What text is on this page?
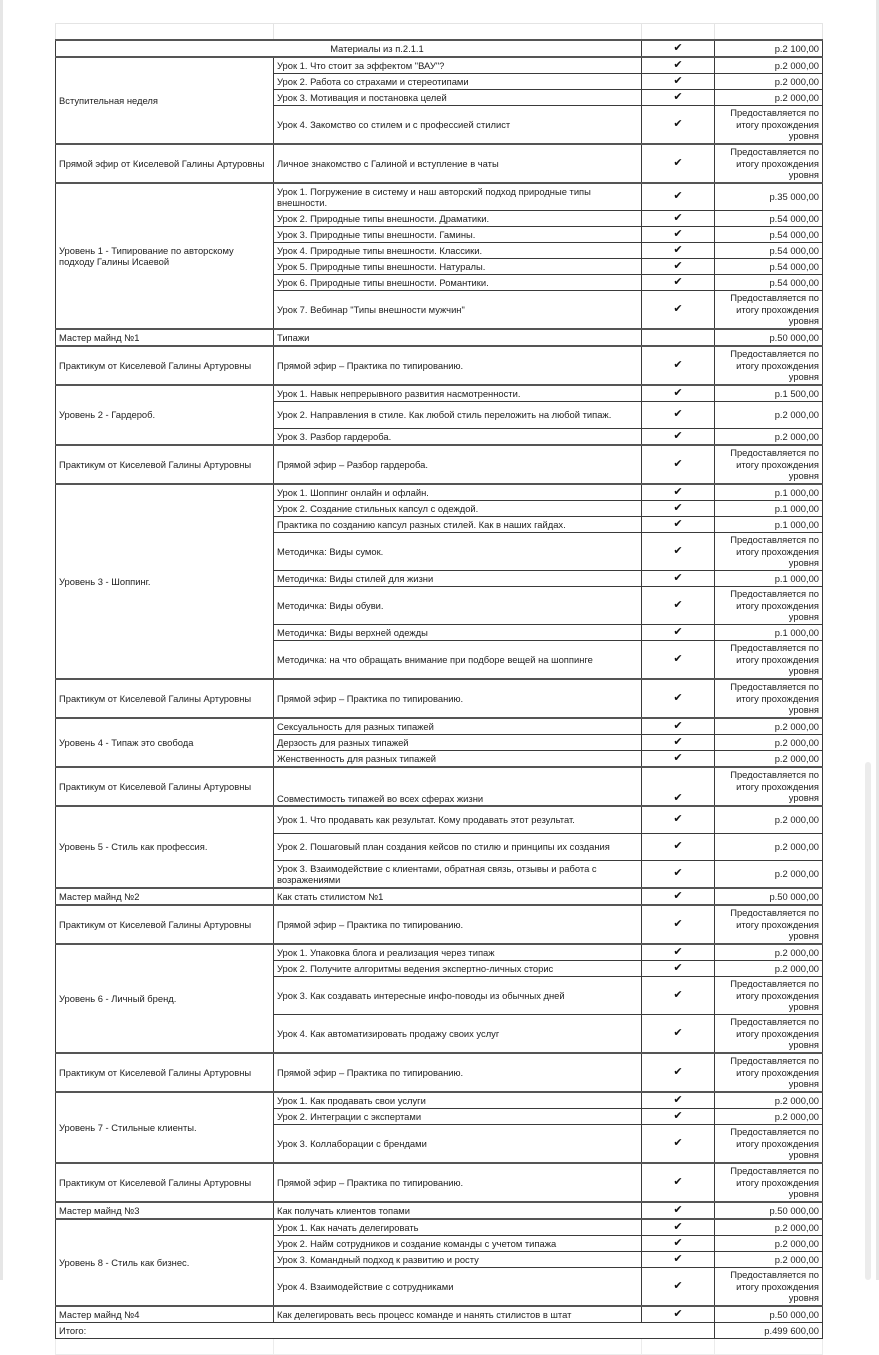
Материалы из п.2.1.1		✔	р.2 100,00
Вступительная неделя	Урок 1. Что стоит за эффектом "ВАУ"?	✔	р.2 000,00
	Урок 2. Работа со страхами и стереотипами	✔	р.2 000,00
	Урок 3. Мотивация и постановка целей	✔	р.2 000,00
	Урок 4. Закомство со стилем и с профессией стилист	✔	Предоставляется по итогу прохождения уровня
Прямой эфир от Киселевой Галины Артуровны	Личное знакомство с Галиной и вступление в чаты	✔	Предоставляется по итогу прохождения уровня
Уровень 1 - Типирование по авторскому подходу Галины Исаевой	Урок 1. Погружение в систему и наш авторский подход природные типы внешности.	✔	р.35 000,00
	Урок 2. Природные типы внешности. Драматики.	✔	р.54 000,00
	Урок 3. Природные типы внешности. Гамины.	✔	р.54 000,00
	Урок 4. Природные типы внешности. Классики.	✔	р.54 000,00
	Урок 5. Природные типы внешности. Натуралы.	✔	р.54 000,00
	Урок 6. Природные типы внешности. Романтики.	✔	р.54 000,00
	Урок 7. Вебинар "Типы внешности мужчин"	✔	Предоставляется по итогу прохождения уровня
Мастер майнд №1	Типажи		р.50 000,00
Практикум от Киселевой Галины Артуровны	Прямой эфир – Практика по типированию.	✔	Предоставляется по итогу прохождения уровня
Уровень 2 - Гардероб.	Урок 1. Навык непрерывного развития насмотренности.	✔	р.1 500,00
	Урок 2. Направления в стиле. Как любой стиль переложить на любой типаж.	✔	р.2 000,00
	Урок 3. Разбор гардероба.	✔	р.2 000,00
Практикум от Киселевой Галины Артуровны	Прямой эфир – Разбор гардероба.	✔	Предоставляется по итогу прохождения уровня
Уровень 3 - Шоппинг.	Урок 1. Шоппинг онлайн и офлайн.	✔	р.1 000,00
	Урок 2. Создание стильных капсул с одеждой.	✔	р.1 000,00
	Практика по созданию капсул разных стилей. Как в наших гайдах.	✔	р.1 000,00
	Методичка: Виды сумок.	✔	Предоставляется по итогу прохождения уровня
	Методичка: Виды стилей для жизни	✔	р.1 000,00
	Методичка: Виды обуви.	✔	Предоставляется по итогу прохождения уровня
	Методичка: Виды верхней одежды	✔	р.1 000,00
	Методичка: на что обращать внимание при подборе вещей на шоппинге	✔	Предоставляется по итогу прохождения уровня
Практикум от Киселевой Галины Артуровны	Прямой эфир – Практика по типированию.	✔	Предоставляется по итогу прохождения уровня
Уровень 4 - Типаж это свобода	Сексуальность для разных типажей	✔	р.2 000,00
	Дерзость для разных типажей	✔	р.2 000,00
	Женственность для разных типажей	✔	р.2 000,00
Практикум от Киселевой Галины Артуровны	Совместимость типажей во всех сферах жизни	✔	Предоставляется по итогу прохождения уровня
Уровень 5 - Стиль как профессия.	Урок 1. Что продавать как результат. Кому продавать этот результат.	✔	р.2 000,00
	Урок 2. Пошаговый план создания кейсов по стилю и принципы их создания	✔	р.2 000,00
	Урок 3. Взаимодействие с клиентами, обратная связь, отзывы и работа с возражениями	✔	р.2 000,00
Мастер майнд №2	Как стать стилистом №1	✔	р.50 000,00
Практикум от Киселевой Галины Артуровны	Прямой эфир – Практика по типированию.	✔	Предоставляется по итогу прохождения уровня
Уровень 6 - Личный бренд.	Урок 1. Упаковка блога и реализация через типаж	✔	р.2 000,00
	Урок 2. Получите алгоритмы ведения экспертно-личных сторис	✔	р.2 000,00
	Урок 3. Как создавать интересные инфо-поводы из обычных дней	✔	Предоставляется по итогу прохождения уровня
	Урок 4. Как автоматизировать продажу своих услуг	✔	Предоставляется по итогу прохождения уровня
Практикум от Киселевой Галины Артуровны	Прямой эфир – Практика по типированию.	✔	Предоставляется по итогу прохождения уровня
Уровень 7 - Стильные клиенты.	Урок 1. Как продавать свои услуги	✔	р.2 000,00
	Урок 2. Интеграции с экспертами	✔	р.2 000,00
	Урок 3. Коллаборации с брендами	✔	Предоставляется по итогу прохождения уровня
Практикум от Киселевой Галины Артуровны	Прямой эфир – Практика по типированию.	✔	Предоставляется по итогу прохождения уровня
Мастер майнд №3	Как получать клиентов топами	✔	р.50 000,00
Уровень 8 - Стиль как бизнес.	Урок 1. Как начать делегировать	✔	р.2 000,00
	Урок 2. Найм сотрудников и создание команды с учетом типажа	✔	р.2 000,00
	Урок 3. Командный подход к развитию и росту	✔	р.2 000,00
	Урок 4. Взаимодействие с сотрудниками	✔	Предоставляется по итогу прохождения уровня
Мастер майнд №4	Как делегировать весь процесс команде и нанять стилистов в штат	✔	р.50 000,00
Итого:			р.499 600,00
